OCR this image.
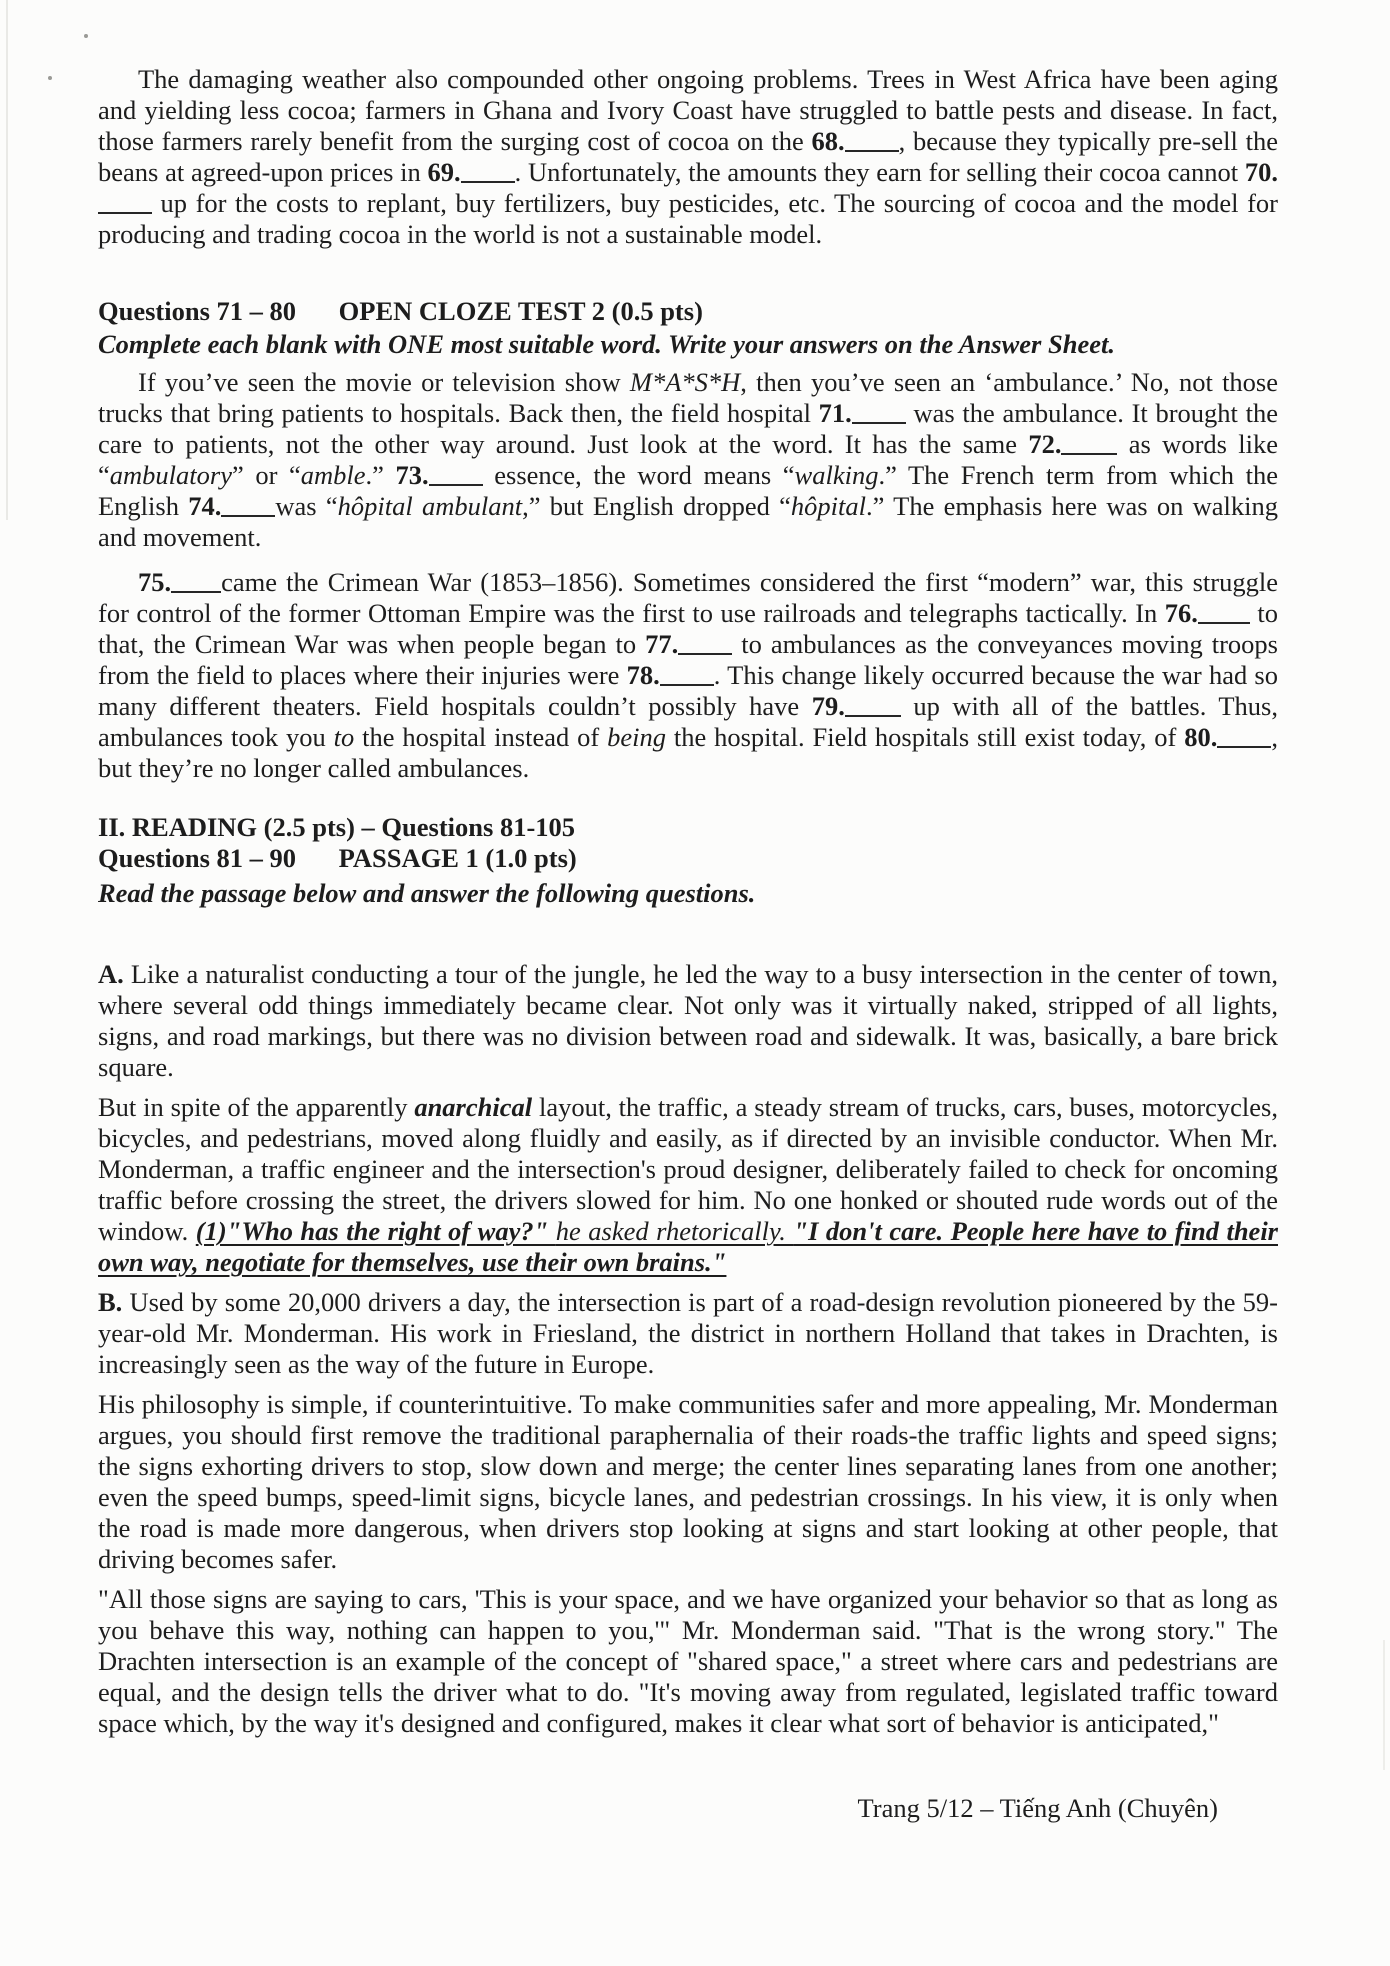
The damaging weather also compounded other ongoing problems. Trees in West Africa have been aging and yielding less cocoa; farmers in Ghana and Ivory Coast have struggled to battle pests and disease. In fact, those farmers rarely benefit from the surging cost of cocoa on the 68. , because they typically pre-sell the beans at agreed-upon prices in 69. . Unfortunately, the amounts they earn for selling their cocoa cannot 70. up for the costs to replant, buy fertilizers, buy pesticides, etc. The sourcing of cocoa and the model for producing and trading cocoa in the world is not a sustainable model.

Questions 71 – 80 OPEN CLOZE TEST 2 (0.5 pts)

Complete each blank with ONE most suitable word. Write your answers on the Answer Sheet.

If you’ve seen the movie or television show M*A*S*H, then you’ve seen an ‘ambulance.’ No, not those trucks that bring patients to hospitals. Back then, the field hospital 71. was the ambulance. It brought the care to patients, not the other way around. Just look at the word. It has the same 72. as words like “ambulatory” or “amble.” 73. essence, the word means “walking.” The French term from which the English 74. was “hôpital ambulant,” but English dropped “hôpital.” The emphasis here was on walking and movement.

75. came the Crimean War (1853–1856). Sometimes considered the first “modern” war, this struggle for control of the former Ottoman Empire was the first to use railroads and telegraphs tactically. In 76. to that, the Crimean War was when people began to 77. to ambulances as the conveyances moving troops from the field to places where their injuries were 78. . This change likely occurred because the war had so many different theaters. Field hospitals couldn’t possibly have 79. up with all of the battles. Thus, ambulances took you to the hospital instead of being the hospital. Field hospitals still exist today, of 80. , but they’re no longer called ambulances.

II. READING (2.5 pts) – Questions 81-105

Questions 81 – 90 PASSAGE 1 (1.0 pts)

Read the passage below and answer the following questions.

A. Like a naturalist conducting a tour of the jungle, he led the way to a busy intersection in the center of town, where several odd things immediately became clear. Not only was it virtually naked, stripped of all lights, signs, and road markings, but there was no division between road and sidewalk. It was, basically, a bare brick square.

But in spite of the apparently anarchical layout, the traffic, a steady stream of trucks, cars, buses, motorcycles, bicycles, and pedestrians, moved along fluidly and easily, as if directed by an invisible conductor. When Mr. Monderman, a traffic engineer and the intersection's proud designer, deliberately failed to check for oncoming traffic before crossing the street, the drivers slowed for him. No one honked or shouted rude words out of the window. (1)"Who has the right of way?" he asked rhetorically. "I don't care. People here have to find their own way, negotiate for themselves, use their own brains."

B. Used by some 20,000 drivers a day, the intersection is part of a road-design revolution pioneered by the 59-year-old Mr. Monderman. His work in Friesland, the district in northern Holland that takes in Drachten, is increasingly seen as the way of the future in Europe.

His philosophy is simple, if counterintuitive. To make communities safer and more appealing, Mr. Monderman argues, you should first remove the traditional paraphernalia of their roads-the traffic lights and speed signs; the signs exhorting drivers to stop, slow down and merge; the center lines separating lanes from one another; even the speed bumps, speed-limit signs, bicycle lanes, and pedestrian crossings. In his view, it is only when the road is made more dangerous, when drivers stop looking at signs and start looking at other people, that driving becomes safer.

"All those signs are saying to cars, 'This is your space, and we have organized your behavior so that as long as you behave this way, nothing can happen to you,'" Mr. Monderman said. "That is the wrong story." The Drachten intersection is an example of the concept of "shared space," a street where cars and pedestrians are equal, and the design tells the driver what to do. "It's moving away from regulated, legislated traffic toward space which, by the way it's designed and configured, makes it clear what sort of behavior is anticipated,"

Trang 5/12 – Tiếng Anh (Chuyên)
